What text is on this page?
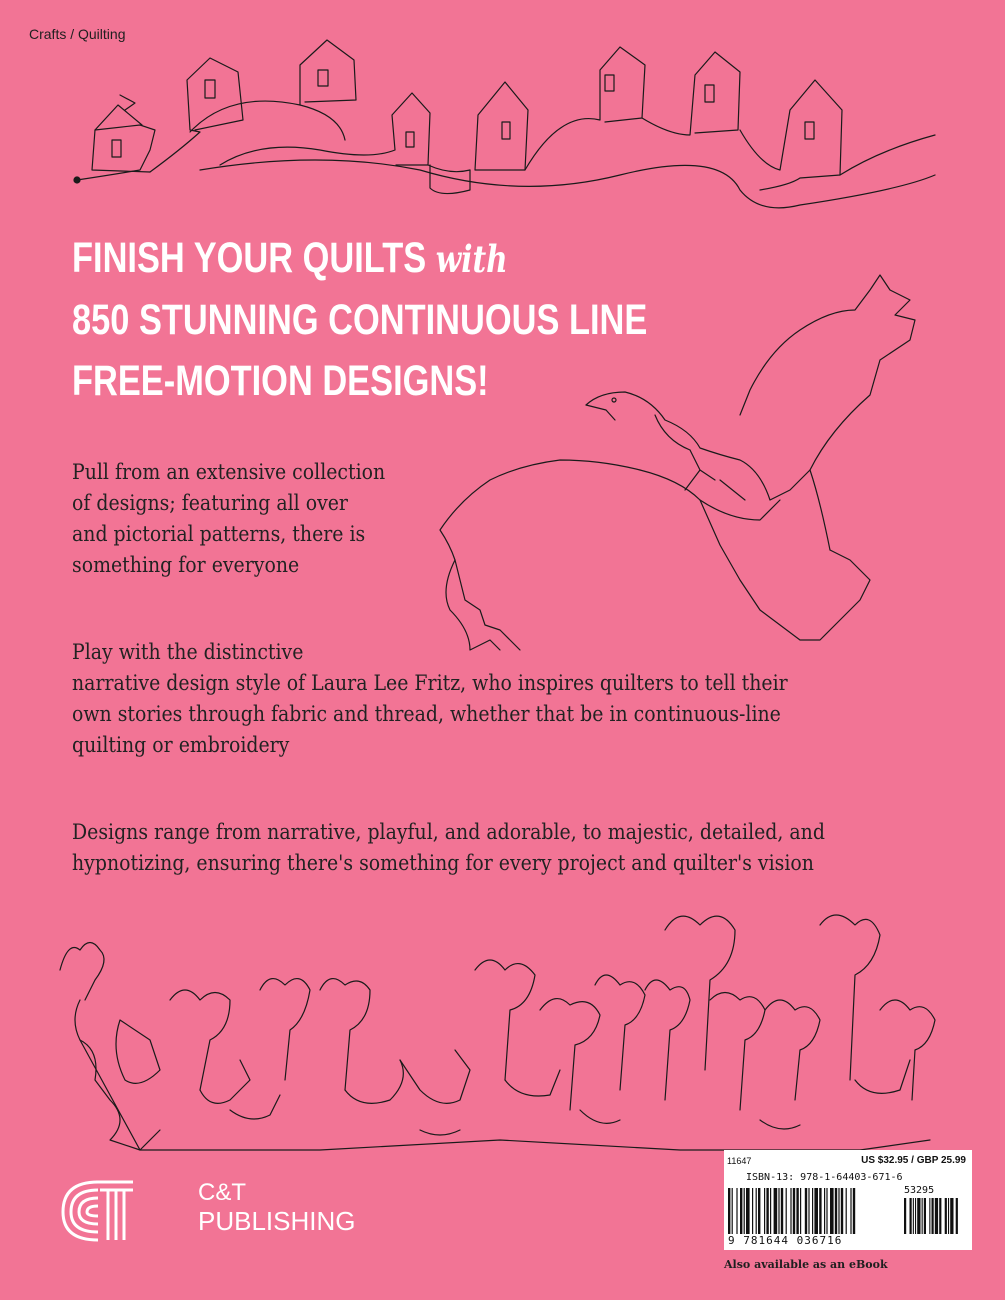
Crafts / Quilting
FINISH YOUR QUILTS with
850 STUNNING CONTINUOUS LINE
FREE-MOTION DESIGNS!
Pull from an extensive collection
of designs; featuring all over
and pictorial patterns, there is
something for everyone
Play with the distinctive
narrative design style of Laura Lee Fritz, who inspires quilters to tell their
own stories through fabric and thread, whether that be in continuous-line
quilting or embroidery
Designs range from narrative, playful, and adorable, to majestic, detailed, and
hypnotizing, ensuring there's something for every project and quilter's vision
C&T
PUBLISHING
11647	US $32.95 / GBP 25.99
ISBN-13: 978-1-64403-671-6
53295
9 781644 036716
Also available as an eBook
